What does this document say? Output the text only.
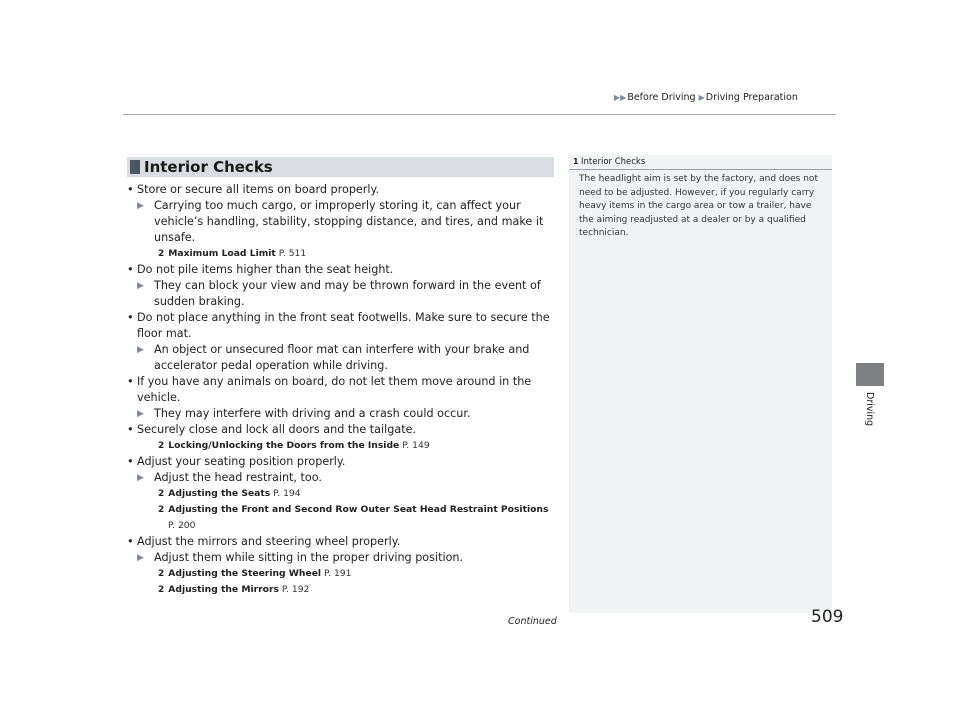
▶▶Before Driving ▶Driving Preparation
Interior Checks
• Store or secure all items on board properly.
▶ Carrying too much cargo, or improperly storing it, can affect your vehicle’s handling, stability, stopping distance, and tires, and make it unsafe.
2 Maximum Load Limit P. 511
• Do not pile items higher than the seat height.
▶ They can block your view and may be thrown forward in the event of sudden braking.
• Do not place anything in the front seat footwells. Make sure to secure the floor mat.
▶ An object or unsecured floor mat can interfere with your brake and accelerator pedal operation while driving.
• If you have any animals on board, do not let them move around in the vehicle.
▶ They may interfere with driving and a crash could occur.
• Securely close and lock all doors and the tailgate.
2 Locking/Unlocking the Doors from the Inside P. 149
• Adjust your seating position properly.
▶ Adjust the head restraint, too.
2 Adjusting the Seats P. 194
2 Adjusting the Front and Second Row Outer Seat Head Restraint Positions
P. 200
• Adjust the mirrors and steering wheel properly.
▶ Adjust them while sitting in the proper driving position.
2 Adjusting the Steering Wheel P. 191
2 Adjusting the Mirrors P. 192
1 Interior Checks
The headlight aim is set by the factory, and does not need to be adjusted. However, if you regularly carry heavy items in the cargo area or tow a trailer, have the aiming readjusted at a dealer or by a qualified technician.
Driving
Continued	509
